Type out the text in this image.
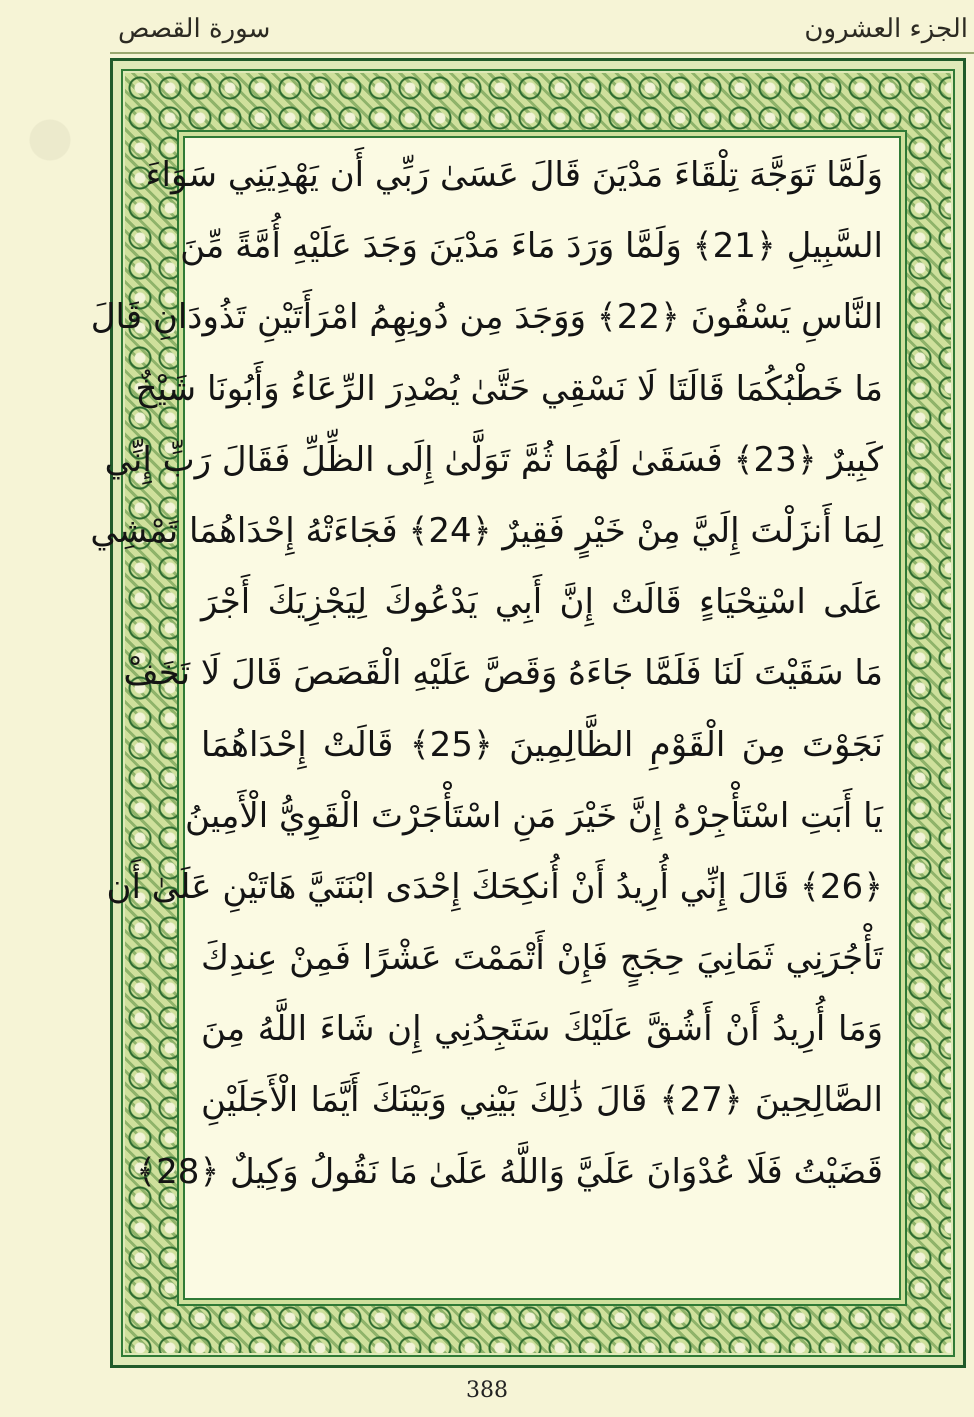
الجزء العشرون
سورة القصص
وَلَمَّا تَوَجَّهَ تِلْقَاءَ مَدْيَنَ قَالَ عَسَىٰ رَبِّي أَن يَهْدِيَنِي سَوَاءَ
السَّبِيلِ ﴿21﴾ وَلَمَّا وَرَدَ مَاءَ مَدْيَنَ وَجَدَ عَلَيْهِ أُمَّةً مِّنَ
النَّاسِ يَسْقُونَ ﴿22﴾ وَوَجَدَ مِن دُونِهِمُ امْرَأَتَيْنِ تَذُودَانِ قَالَ
مَا خَطْبُكُمَا قَالَتَا لَا نَسْقِي حَتَّىٰ يُصْدِرَ الرِّعَاءُ وَأَبُونَا شَيْخٌ
كَبِيرٌ ﴿23﴾ فَسَقَىٰ لَهُمَا ثُمَّ تَوَلَّىٰ إِلَى الظِّلِّ فَقَالَ رَبِّ إِنِّي
لِمَا أَنزَلْتَ إِلَيَّ مِنْ خَيْرٍ فَقِيرٌ ﴿24﴾ فَجَاءَتْهُ إِحْدَاهُمَا تَمْشِي
عَلَى اسْتِحْيَاءٍ قَالَتْ إِنَّ أَبِي يَدْعُوكَ لِيَجْزِيَكَ أَجْرَ
مَا سَقَيْتَ لَنَا فَلَمَّا جَاءَهُ وَقَصَّ عَلَيْهِ الْقَصَصَ قَالَ لَا تَخَفْ
نَجَوْتَ مِنَ الْقَوْمِ الظَّالِمِينَ ﴿25﴾ قَالَتْ إِحْدَاهُمَا
يَا أَبَتِ اسْتَأْجِرْهُ إِنَّ خَيْرَ مَنِ اسْتَأْجَرْتَ الْقَوِيُّ الْأَمِينُ
﴿26﴾ قَالَ إِنِّي أُرِيدُ أَنْ أُنكِحَكَ إِحْدَى ابْنَتَيَّ هَاتَيْنِ عَلَىٰ أَن
تَأْجُرَنِي ثَمَانِيَ حِجَجٍ فَإِنْ أَتْمَمْتَ عَشْرًا فَمِنْ عِندِكَ
وَمَا أُرِيدُ أَنْ أَشُقَّ عَلَيْكَ سَتَجِدُنِي إِن شَاءَ اللَّهُ مِنَ
الصَّالِحِينَ ﴿27﴾ قَالَ ذَٰلِكَ بَيْنِي وَبَيْنَكَ أَيَّمَا الْأَجَلَيْنِ
قَضَيْتُ فَلَا عُدْوَانَ عَلَيَّ وَاللَّهُ عَلَىٰ مَا نَقُولُ وَكِيلٌ ﴿28﴾
388
